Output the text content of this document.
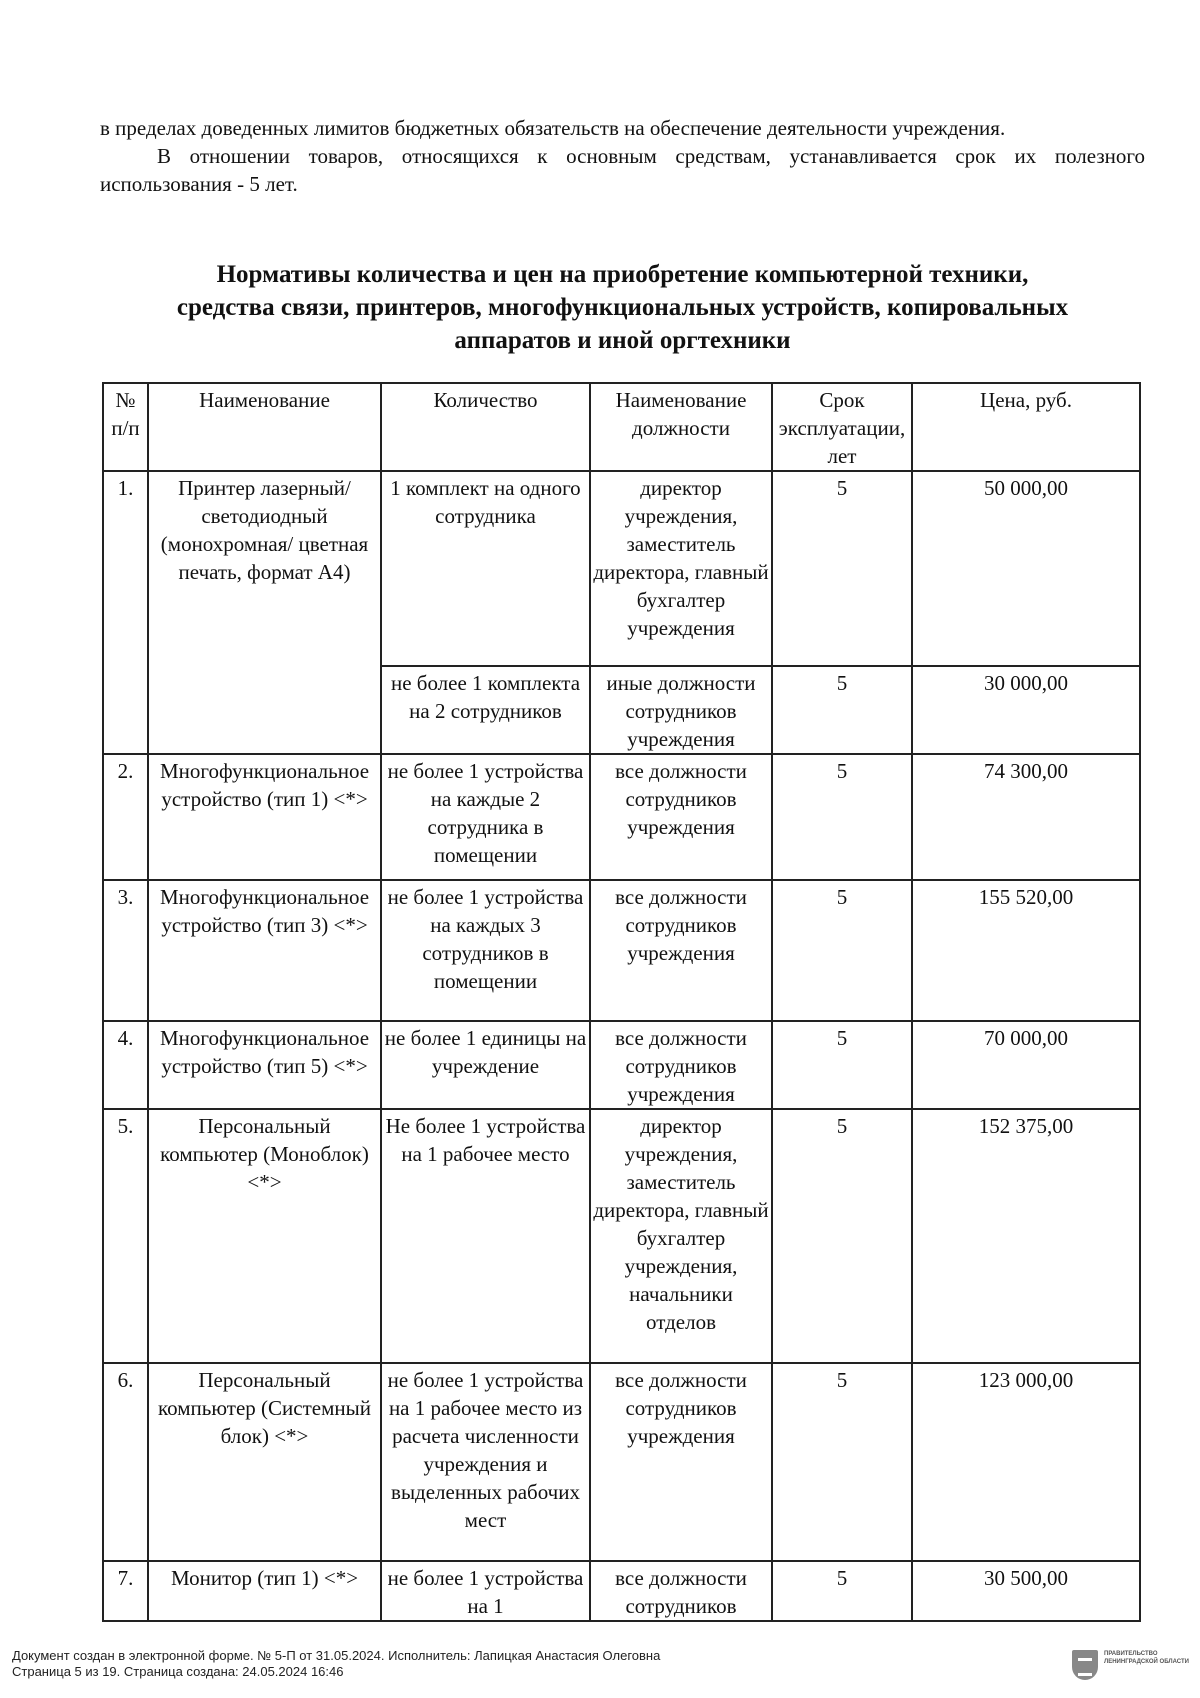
в пределах доведенных лимитов бюджетных обязательств на обеспечение деятельности учреждения.

В отношении товаров, относящихся к основным средствам, устанавливается срок их полезного использования - 5 лет.

Нормативы количества и цен на приобретение компьютерной техники,
средства связи, принтеров, многофункциональных устройств, копировальных
аппаратов и иной оргтехники
№ п/п	Наименование	Количество	Наименование должности	Срок эксплуатации, лет	Цена, руб.
1.	Принтер лазерный/ светодиодный (монохромная/ цветная печать, формат А4)	1 комплект на одного сотрудника	директор учреждения, заместитель директора, главный бухгалтер учреждения	5	50 000,00
		не более 1 комплекта на 2 сотрудников	иные должности сотрудников учреждения	5	30 000,00
2.	Многофункциональное устройство (тип 1) <*>	не более 1 устройства на каждые 2 сотрудника в помещении	все должности сотрудников учреждения	5	74 300,00
3.	Многофункциональное устройство (тип 3) <*>	не более 1 устройства на каждых 3 сотрудников в помещении	все должности сотрудников учреждения	5	155 520,00
4.	Многофункциональное устройство (тип 5) <*>	не более 1 единицы на учреждение	все должности сотрудников учреждения	5	70 000,00
5.	Персональный компьютер (Моноблок) <*>	Не более 1 устройства на 1 рабочее место	директор учреждения, заместитель директора, главный бухгалтер учреждения, начальники отделов	5	152 375,00
6.	Персональный компьютер (Системный блок) <*>	не более 1 устройства на 1 рабочее место из расчета численности учреждения и выделенных рабочих мест	все должности сотрудников учреждения	5	123 000,00
7.	Монитор (тип 1) <*>	не более 1 устройства на 1	все должности сотрудников	5	30 500,00
Документ создан в электронной форме. № 5-П от 31.05.2024. Исполнитель: Лапицкая Анастасия Олеговна
Страница 5 из 19. Страница создана: 24.05.2024 16:46
ПРАВИТЕЛЬСТВО ЛЕНИНГРАДСКОЙ ОБЛАСТИ
